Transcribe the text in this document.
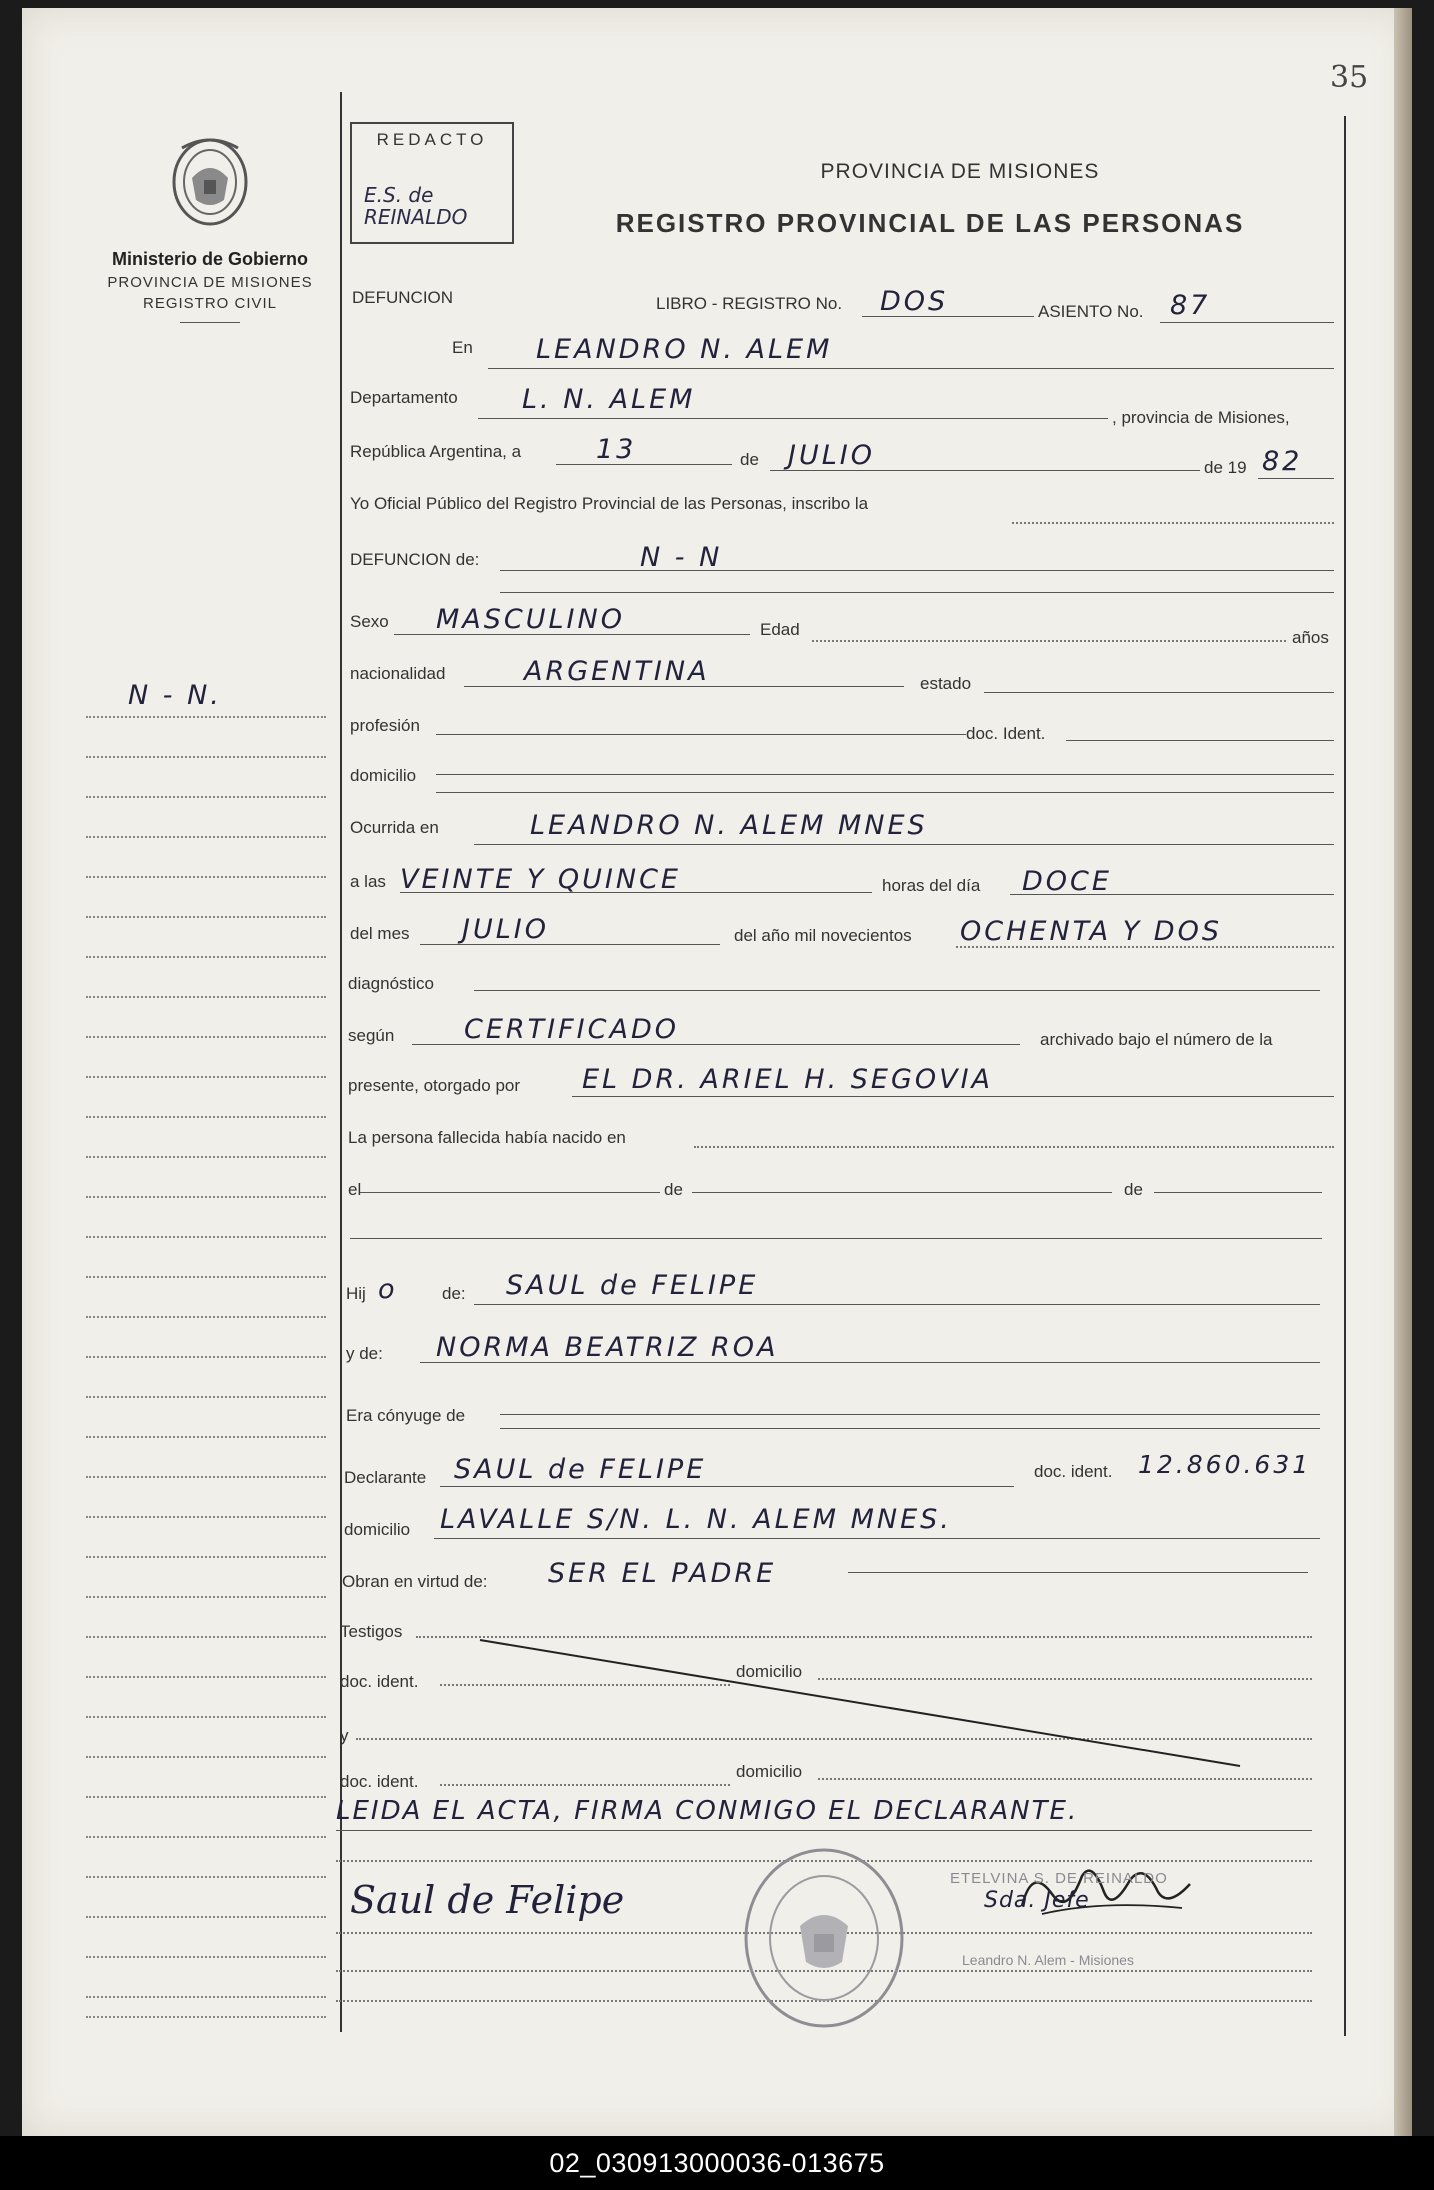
35
REDACTO
E.S. de REINALDO
Ministerio de Gobierno
PROVINCIA DE MISIONES
REGISTRO CIVIL
PROVINCIA DE MISIONES
REGISTRO PROVINCIAL DE LAS PERSONAS
DEFUNCION	LIBRO - REGISTRO No. DOS	ASIENTO No. 87
En LEANDRO N. ALEM
Departamento L. N. ALEM
, provincia de Misiones,
República Argentina, a	13	de JULIO	de 19 82
Yo Oficial Público del Registro Provincial de las Personas, inscribo la
DEFUNCION de:	N - N
Sexo MASCULINO	Edad	años
nacionalidad	ARGENTINA	estado
profesión	doc. Ident.
domicilio
Ocurrida en	LEANDRO N. ALEM MNES
a las VEINTE Y QUINCE	horas del día DOCE
del mes JULIO	del año mil novecientos OCHENTA Y DOS
diagnóstico
según	CERTIFICADO	archivado bajo el número de la
presente, otorgado por EL DR. ARIEL H. SEGOVIA
La persona fallecida había nacido en
el	de	de
Hij o	de: SAUL de FELIPE
y de: NORMA BEATRIZ ROA
Era cónyuge de
Declarante SAUL de FELIPE	doc. ident. 12.860.631
domicilio LAVALLE S/N. L. N. ALEM MNES.
Obran en virtud de: SER EL PADRE
Testigos
doc. ident.
domicilio
y
doc. ident.
domicilio
LEIDA EL ACTA, FIRMA CONMIGO EL DECLARANTE.
Saul de Felipe	ETELVINA S. DE REINALDO
Sda. Jefe
Leandro N. Alem - Misiones
N - N.
02_030913000036-013675
